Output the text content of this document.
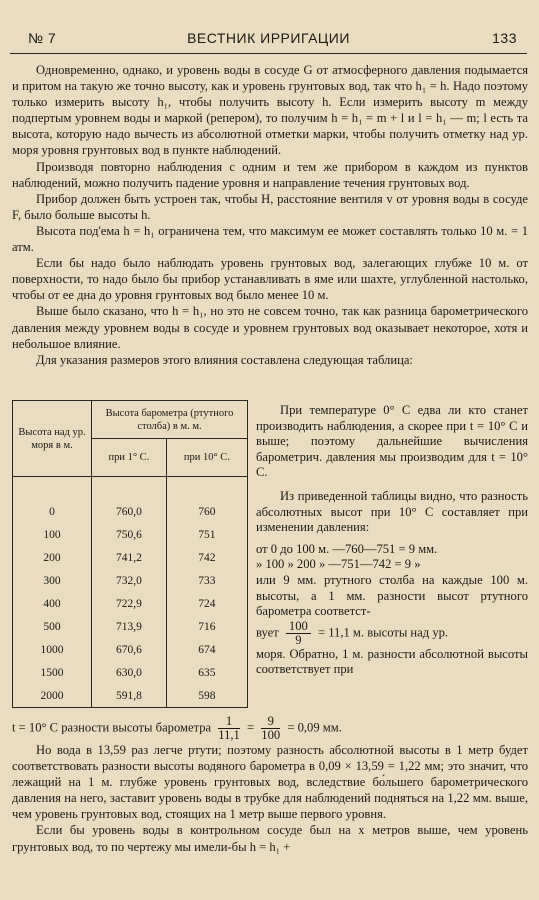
№ 7	ВЕСТНИК ИРРИГАЦИИ	133

Одновременно, однако, и уровень воды в сосуде G от атмосферного давления подымается и притом на такую же точно высоту, как и уровень грунтовых вод, так что h₁ = h. Надо поэтому только измерить высоту h₁, чтобы получить высоту h. Если измерить высоту m между подпертым уровнем воды и маркой (репером), то получим h = h₁ = m + l и l = h₁ — m; l есть та высота, которую надо вычесть из абсолютной отметки марки, чтобы получить отметку над ур. моря уровня грунтовых вод в пункте наблюдений.

Производя повторно наблюдения с одним и тем же прибором в каждом из пунктов наблюдений, можно получить падение уровня и направление течения грунтовых вод.

Прибор должен быть устроен так, чтобы Н, расстояние вентиля v от уровня воды в сосуде F, было больше высоты h.

Высота под'ема h = h₁ ограничена тем, что максимум ее может составлять только 10 м. = 1 атм.

Если бы надо было наблюдать уровень грунтовых вод, залегающих глубже 10 м. от поверхности, то надо было бы прибор устанавливать в яме или шахте, углубленной настолько, чтобы от ее дна до уровня грунтовых вод было менее 10 м.

Выше было сказано, что h = h₁, но это не совсем точно, так как разница барометрического давления между уровнем воды в сосуде и уровнем грунтовых вод оказывает некоторое, хотя и небольшое влияние.

Для указания размеров этого влияния составлена следующая таблица:

Высота над ур. моря в м.	Высота барометра (ртутного столба) в м. м.	
	при 1° С.	при 10° С.

0	760,0	760
100	750,6	751
200	741,2	742
300	732,0	733
400	722,9	724
500	713,9	716
1000	670,6	674
1500	630,0	635
2000	591,8	598

При температуре 0° С едва ли кто станет производить наблюдения, а скорее при t = 10° С и выше; поэтому дальнейшие вычисления барометрич. давления мы производим для t = 10° С.

Из приведенной таблицы видно, что разность абсолютных высот при 10° С составляет при изменении давления:

от 0 до 100 м. —760—751 = 9 мм.

» 100 » 200 » —751—742 = 9 »

или 9 мм. ртутного столба на каждые 100 м. высоты, а 1 мм. разности высот ртутного барометра соответст-

вует $\frac{100}{9} = 11,1$ м. высоты над ур.

моря. Обратно, 1 м. разности абсолютной высоты соответствует при

t = 10° С разности высоты барометра $\frac{1}{11,1} = \frac{9}{100} = 0,09$ мм.

Но вода в 13,59 раз легче ртути; поэтому разность абсолютной высоты в 1 метр будет соответствовать разности высоты водяного барометра в 0,09 × 13,59 = 1,22 мм; это значит, что лежащий на 1 м. глубже уровень грунтовых вод, вследствие бо́льшего барометрического давления на него, заставит уровень воды в трубке для наблюдений подняться на 1,22 мм. выше, чем уровень грунтовых вод, стоящих на 1 метр выше первого уровня.

Если бы уровень воды в контрольном сосуде был на x метров выше, чем уровень грунтовых вод, то по чертежу мы имели-бы h = h₁ +
